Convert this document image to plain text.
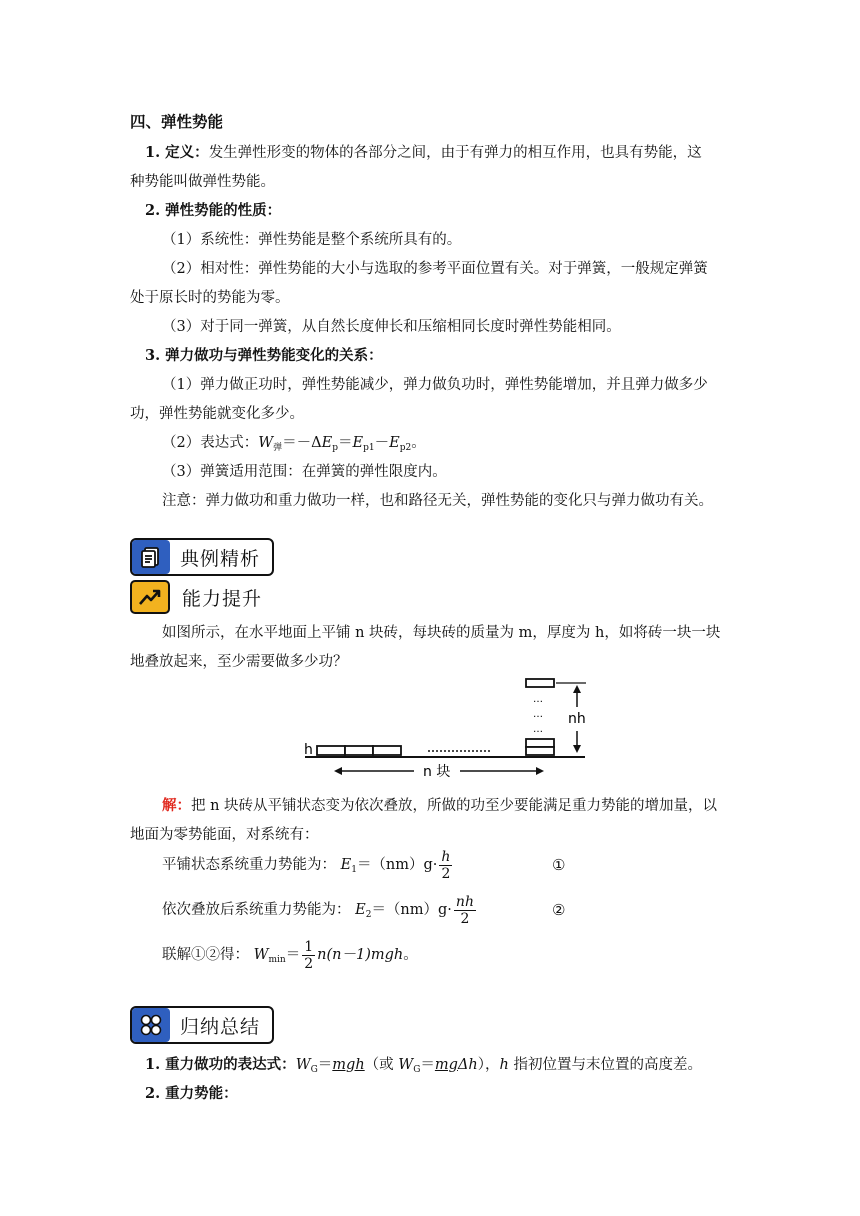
四、弹性势能
1. 定义：发生弹性形变的物体的各部分之间，由于有弹力的相互作用，也具有势能，这
种势能叫做弹性势能。
2. 弹性势能的性质：
（1）系统性：弹性势能是整个系统所具有的。
（2）相对性：弹性势能的大小与选取的参考平面位置有关。对于弹簧，一般规定弹簧
处于原长时的势能为零。
（3）对于同一弹簧，从自然长度伸长和压缩相同长度时弹性势能相同。
3. 弹力做功与弹性势能变化的关系：
（1）弹力做正功时，弹性势能减少，弹力做负功时，弹性势能增加，并且弹力做多少
功，弹性势能就变化多少。
（2）表达式：$W_弹=-\Delta E_p=E_{p1}-E_{p2}$。
（3）弹簧适用范围：在弹簧的弹性限度内。
注意：弹力做功和重力做功一样，也和路径无关，弹性势能的变化只与弹力做功有关。
典例精析
能力提升
如图所示，在水平地面上平铺 n 块砖，每块砖的质量为 m，厚度为 h，如将砖一块一块
地叠放起来，至少需要做多少功？
…
…
…
nh
h
n 块
解：把 n 块砖从平铺状态变为依次叠放，所做的功至少要能满足重力势能的增加量，以
地面为零势能面，对系统有：
平铺状态系统重力势能为： $E_1=(nm)g\cdot \frac{h}{2}$	①
依次叠放后系统重力势能为： $E_2=(nm)g\cdot \frac{nh}{2}$	②
联解①②得： $W_{min}= \frac{1}{2} n(n-1)mgh$。
归纳总结
1. 重力做功的表达式：$W_G=mgh$（或 $W_G=mg\Delta h$），h 指初位置与末位置的高度差。
2. 重力势能：
